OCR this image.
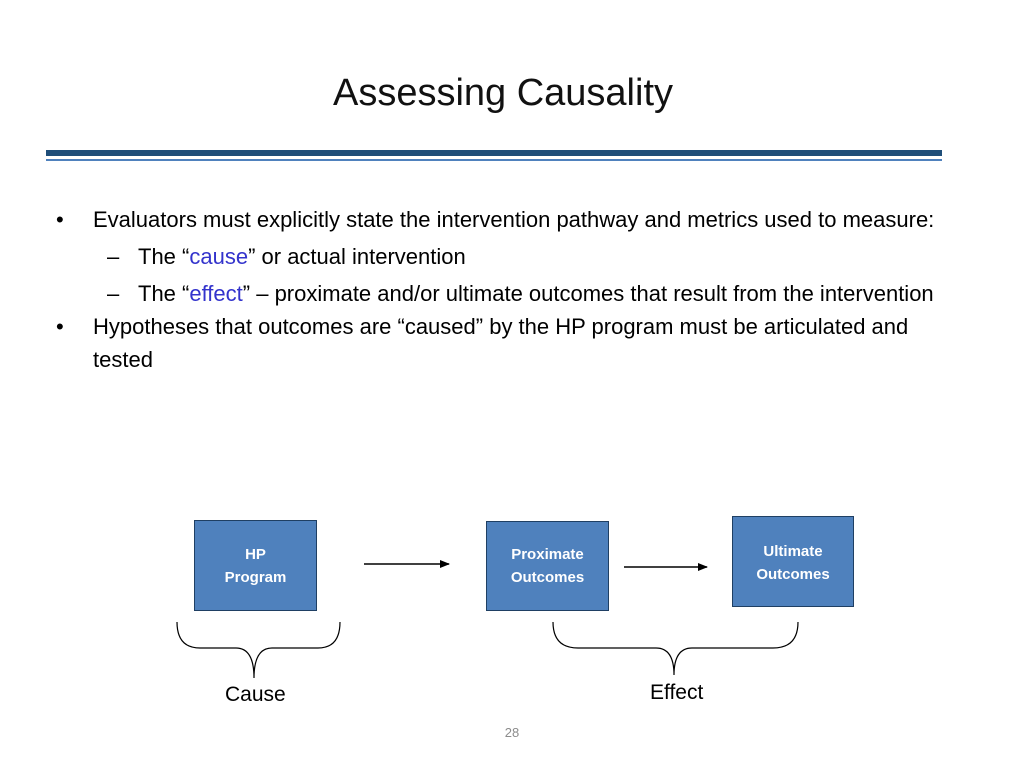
Assessing Causality
• Evaluators must explicitly state the intervention pathway and metrics used to measure:
– The “cause” or actual intervention
– The “effect” – proximate and/or ultimate outcomes that result from the intervention
• Hypotheses that outcomes are “caused” by the HP program must be articulated and tested
HP
Program
Proximate
Outcomes
Ultimate
Outcomes
Cause	Effect
28
